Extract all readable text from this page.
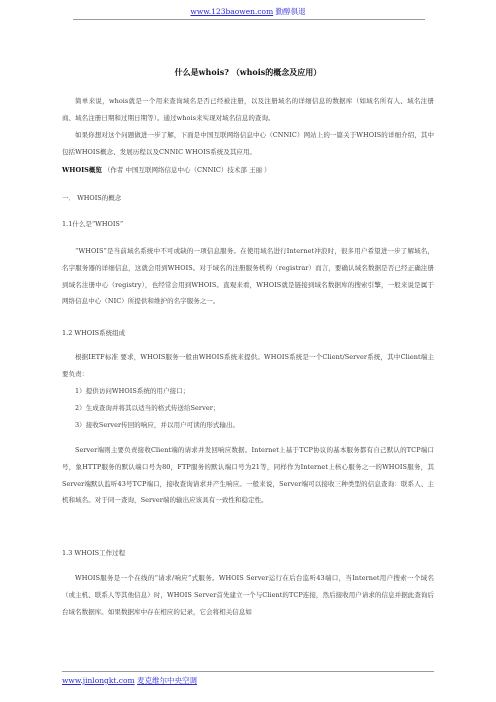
www.123baowen.com 勤醇俱退
什么是whois? （whois的概念及应用）

简单来说，whois就是一个用来查询域名是否已经被注册，以及注册域名的详细信息的数据库（如域名所有人、域名注册商、域名注册日期和过期日期等）。通过whois来实现对域名信息的查询。

如果你想对这个问题做进一步了解，下面是中国互联网络信息中心（CNNIC）网站上的一篇关于WHOIS的详细介绍，其中包括WHOIS概念、发展历程以及CNNIC WHOIS系统及其应用。

WHOIS概览 （作者 中国互联网络信息中心（CNNIC）技术部 王丽 ）

一． WHOIS的概念

1.1什么是“WHOIS”

“WHOIS”是当前域名系统中不可或缺的一项信息服务。在使用域名进行Internet冲浪时，很多用户希望进一步了解域名，名字服务器的详细信息，这就会用到WHOIS。对于域名的注册服务机构（registrar）而言，要确认域名数据是否已经正确注册到域名注册中心（registry），也经常会用到WHOIS。直观来看，WHOIS就是链接到域名数据库的搜索引擎，一般来说是属于网络信息中心（NIC）所提供和维护的名字服务之一。

1.2 WHOIS系统组成

根据IETF标准 要求，WHOIS服务一般由WHOIS系统来提供。WHOIS系统是一个Client/Server系统，其中Client端主要负责：

1）提供访问WHOIS系统的用户接口；

2）生成查询并将其以适当的格式传送给Server；

3）接收Server传回的响应，并以用户可读的形式输出。

Server端则主要负责接收Client端的请求并发回响应数据。Internet上基于TCP协议的基本服务都有自己默认的TCP端口号，象HTTP服务的默认端口号为80，FTP服务的默认端口号为21等，同样作为Internet上核心服务之一的WHOIS服务，其Server端默认监听43号TCP端口，接收查询请求并产生响应。一般来说，Server端可以接收三种类型的信息查询：联系人、主机和域名。对于同一查询，Server端的输出应该具有一致性和稳定性。

1.3 WHOIS工作过程

WHOIS服务是一个在线的“请求/响应”式服务。WHOIS Server运行在后台监听43端口，当Internet用户搜索一个域名（或主机、联系人等其他信息）时，WHOIS Server首先建立一个与Client的TCP连接，然后接收用户请求的信息并据此查询后台域名数据库。如果数据库中存在相应的记录，它会将相关信息如

www.jinlongkt.com 麦克维尔中央空调
